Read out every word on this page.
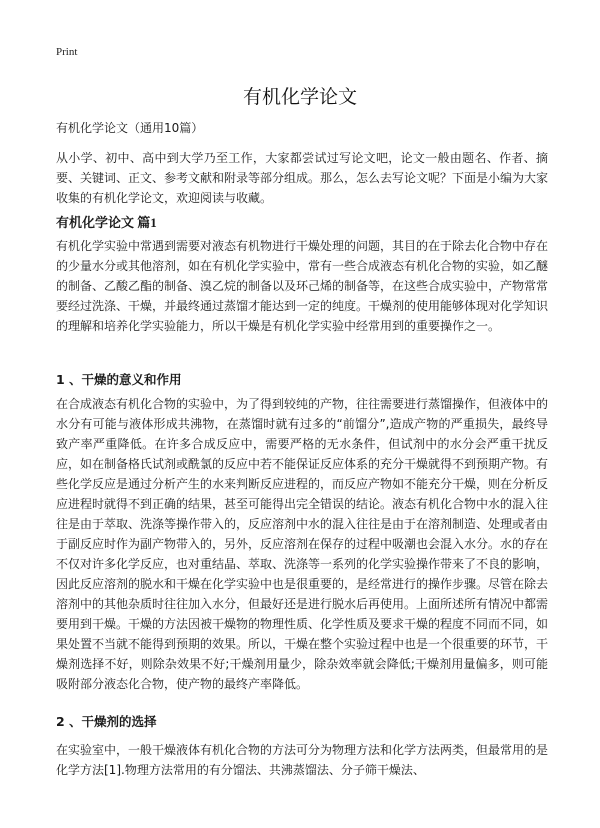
Print
有机化学论文
有机化学论文（通用10篇）

从小学、初中、高中到大学乃至工作，大家都尝试过写论文吧，论文一般由题名、作者、摘要、关键词、正文、参考文献和附录等部分组成。那么，怎么去写论文呢？下面是小编为大家收集的有机化学论文，欢迎阅读与收藏。

有机化学论文 篇1

有机化学实验中常遇到需要对液态有机物进行干燥处理的问题，其目的在于除去化合物中存在的少量水分或其他溶剂，如在有机化学实验中，常有一些合成液态有机化合物的实验，如乙醚的制备、乙酸乙酯的制备、溴乙烷的制备以及环己烯的制备等，在这些合成实验中，产物常常要经过洗涤、干燥，并最终通过蒸馏才能达到一定的纯度。干燥剂的使用能够体现对化学知识的理解和培养化学实验能力，所以干燥是有机化学实验中经常用到的重要操作之一。

1 、干燥的意义和作用

在合成液态有机化合物的实验中，为了得到较纯的产物，往往需要进行蒸馏操作，但液体中的水分有可能与液体形成共沸物，在蒸馏时就有过多的“前馏分”,造成产物的严重损失，最终导致产率严重降低。在许多合成反应中，需要严格的无水条件，但试剂中的水分会严重干扰反应，如在制备格氏试剂或酰氯的反应中若不能保证反应体系的充分干燥就得不到预期产物。有些化学反应是通过分析产生的水来判断反应进程的，而反应产物如不能充分干燥，则在分析反应进程时就得不到正确的结果，甚至可能得出完全错误的结论。液态有机化合物中水的混入往往是由于萃取、洗涤等操作带入的，反应溶剂中水的混入往往是由于在溶剂制造、处理或者由于副反应时作为副产物带入的，另外，反应溶剂在保存的过程中吸潮也会混入水分。水的存在不仅对许多化学反应，也对重结晶、萃取、洗涤等一系列的化学实验操作带来了不良的影响，因此反应溶剂的脱水和干燥在化学实验中也是很重要的，是经常进行的操作步骤。尽管在除去溶剂中的其他杂质时往往加入水分，但最好还是进行脱水后再使用。上面所述所有情况中都需要用到干燥。干燥的方法因被干燥物的物理性质、化学性质及要求干燥的程度不同而不同，如果处置不当就不能得到预期的效果。所以，干燥在整个实验过程中也是一个很重要的环节，干燥剂选择不好，则除杂效果不好;干燥剂用量少，除杂效率就会降低;干燥剂用量偏多，则可能吸附部分液态化合物，使产物的最终产率降低。

2 、干燥剂的选择

在实验室中，一般干燥液体有机化合物的方法可分为物理方法和化学方法两类，但最常用的是化学方法[1].物理方法常用的有分馏法、共沸蒸馏法、分子筛干燥法、
